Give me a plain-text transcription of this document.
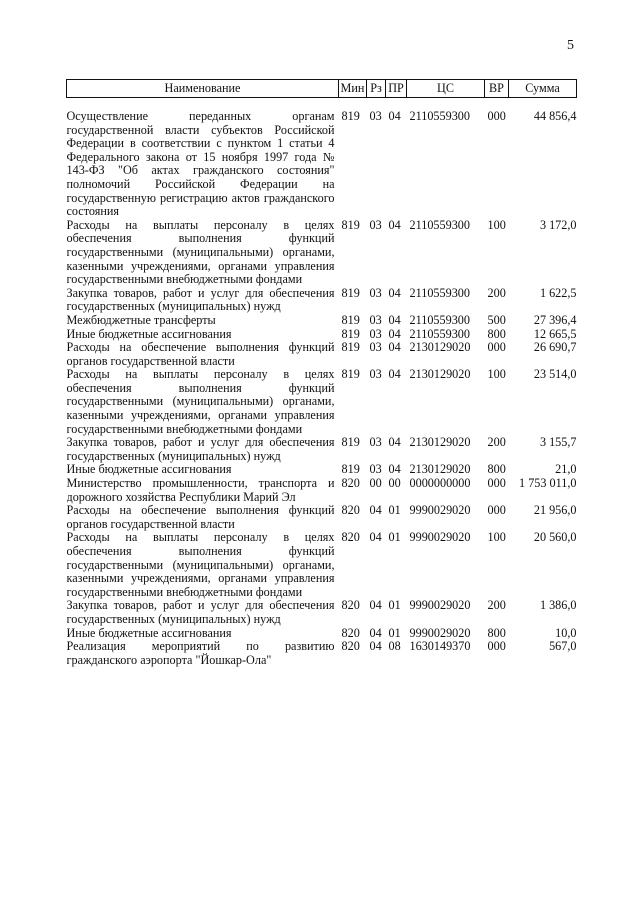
5
Наименование	Мин	Рз	ПР	ЦС	ВР	Сумма
Осуществление переданных органам государственной власти субъектов Российской Федерации в соответствии с пунктом 1 статьи 4 Федерального закона от 15 ноября 1997 года № 143-ФЗ "Об актах гражданского состояния" полномочий Российской Федерации на государственную регистрацию актов гражданского состояния	819	03	04	2110559300	000	44 856,4
Расходы на выплаты персоналу в целях обеспечения выполнения функций государственными (муниципальными) органами, казенными учреждениями, органами управления государственными внебюджетными фондами	819	03	04	2110559300	100	3 172,0
Закупка товаров, работ и услуг для обеспечения государственных (муниципальных) нужд	819	03	04	2110559300	200	1 622,5
Межбюджетные трансферты	819	03	04	2110559300	500	27 396,4
Иные бюджетные ассигнования	819	03	04	2110559300	800	12 665,5
Расходы на обеспечение выполнения функций органов государственной власти	819	03	04	2130129020	000	26 690,7
Расходы на выплаты персоналу в целях обеспечения выполнения функций государственными (муниципальными) органами, казенными учреждениями, органами управления государственными внебюджетными фондами	819	03	04	2130129020	100	23 514,0
Закупка товаров, работ и услуг для обеспечения государственных (муниципальных) нужд	819	03	04	2130129020	200	3 155,7
Иные бюджетные ассигнования	819	03	04	2130129020	800	21,0
Министерство промышленности, транспорта и дорожного хозяйства Республики Марий Эл	820	00	00	0000000000	000	1 753 011,0
Расходы на обеспечение выполнения функций органов государственной власти	820	04	01	9990029020	000	21 956,0
Расходы на выплаты персоналу в целях обеспечения выполнения функций государственными (муниципальными) органами, казенными учреждениями, органами управления государственными внебюджетными фондами	820	04	01	9990029020	100	20 560,0
Закупка товаров, работ и услуг для обеспечения государственных (муниципальных) нужд	820	04	01	9990029020	200	1 386,0
Иные бюджетные ассигнования	820	04	01	9990029020	800	10,0
Реализация мероприятий по развитию гражданского аэропорта "Йошкар-Ола"	820	04	08	1630149370	000	567,0
